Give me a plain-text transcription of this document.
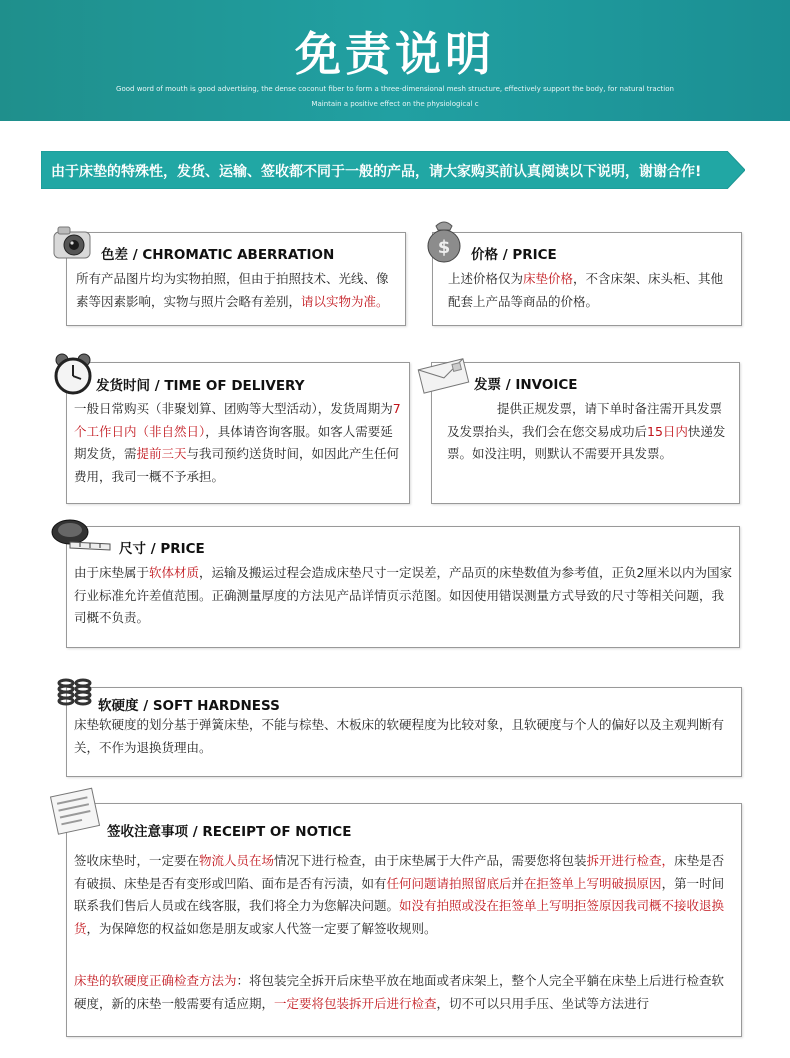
免责说明
Good word of mouth is good advertising, the dense coconut fiber to form a three-dimensional mesh structure, effectively support the body, for natural traction
Maintain a positive effect on the physiological c
由于床垫的特殊性，发货、运输、签收都不同于一般的产品，请大家购买前认真阅读以下说明，谢谢合作!
色差 / CHROMATIC ABERRATION
所有产品图片均为实物拍照，但由于拍照技术、光线、像素等因素影响，实物与照片会略有差别，请以实物为准。
价格 / PRICE
上述价格仅为床垫价格，不含床架、床头柜、其他配套上产品等商品的价格。
$
发货时间 / TIME OF DELIVERY
一般日常购买（非聚划算、团购等大型活动），发货周期为7个工作日内（非自然日），具体请咨询客服。如客人需要延期发货，需提前三天与我司预约送货时间，如因此产生任何费用，我司一概不予承担。
发票 / INVOICE
提供正规发票，请下单时备注需开具发票及发票抬头，我们会在您交易成功后15日内快递发票。如没注明，则默认不需要开具发票。
尺寸 / PRICE
由于床垫属于软体材质，运输及搬运过程会造成床垫尺寸一定误差，产品页的床垫数值为参考值，正负2厘米以内为国家行业标准允许差值范围。正确测量厚度的方法见产品详情页示范图。如因使用错误测量方式导致的尺寸等相关问题，我司概不负责。
软硬度 / SOFT HARDNESS
床垫软硬度的划分基于弹簧床垫，不能与棕垫、木板床的软硬程度为比较对象，且软硬度与个人的偏好以及主观判断有关，不作为退换货理由。
签收注意事项 / RECEIPT OF NOTICE
签收床垫时，一定要在物流人员在场情况下进行检查，由于床垫属于大件产品，需要您将包装拆开进行检查，床垫是否有破损、床垫是否有变形或凹陷、面布是否有污渍，如有任何问题请拍照留底后并在拒签单上写明破损原因，第一时间联系我们售后人员或在线客服，我们将全力为您解决问题。如没有拍照或没在拒签单上写明拒签原因我司概不接收退换货，为保障您的权益如您是朋友或家人代签一定要了解签收规则。
床垫的软硬度正确检查方法为：将包装完全拆开后床垫平放在地面或者床架上，整个人完全平躺在床垫上后进行检查软硬度，新的床垫一般需要有适应期，一定要将包装拆开后进行检查，切不可以只用手压、坐试等方法进行
